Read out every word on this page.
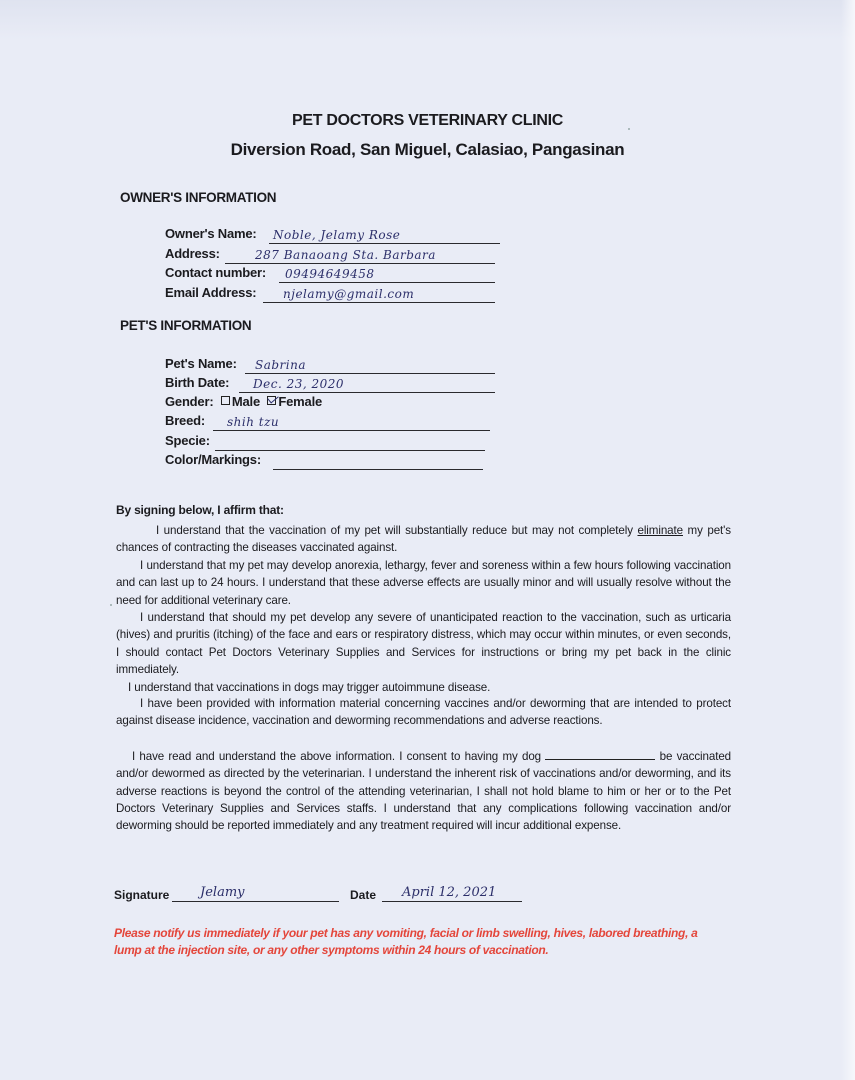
PET DOCTORS VETERINARY CLINIC
Diversion Road, San Miguel, Calasiao, Pangasinan
OWNER'S INFORMATION
Owner's Name: Noble, Jelamy Rose
Address:	287 Banaoang Sta. Barbara
Contact number: 09494649458
Email Address: njelamy@gmail.com
PET'S INFORMATION
Pet's Name: Sabrina
Birth Date: Dec. 23, 2020
Gender: Male Female
Breed: shih tzu
Specie:
Color/Markings:
By signing below, I affirm that:
I understand that the vaccination of my pet will substantially reduce but may not completely eliminate my pet's chances of contracting the diseases vaccinated against.
I understand that my pet may develop anorexia, lethargy, fever and soreness within a few hours following vaccination and can last up to 24 hours. I understand that these adverse effects are usually minor and will usually resolve without the need for additional veterinary care.
I understand that should my pet develop any severe of unanticipated reaction to the vaccination, such as urticaria (hives) and pruritis (itching) of the face and ears or respiratory distress, which may occur within minutes, or even seconds, I should contact Pet Doctors Veterinary Supplies and Services for instructions or bring my pet back in the clinic immediately.
I understand that vaccinations in dogs may trigger autoimmune disease.
I have been provided with information material concerning vaccines and/or deworming that are intended to protect against disease incidence, vaccination and deworming recommendations and adverse reactions.
I have read and understand the above information. I consent to having my dog	be vaccinated and/or dewormed as directed by the veterinarian. I understand the inherent risk of vaccinations and/or deworming, and its adverse reactions is beyond the control of the attending veterinarian, I shall not hold blame to him or her or to the Pet Doctors Veterinary Supplies and Services staffs. I understand that any complications following vaccination and/or deworming should be reported immediately and any treatment required will incur additional expense.
Signature Jelamy	Date April 12, 2021
Please notify us immediately if your pet has any vomiting, facial or limb swelling, hives, labored breathing, a lump at the injection site, or any other symptoms within 24 hours of vaccination.
